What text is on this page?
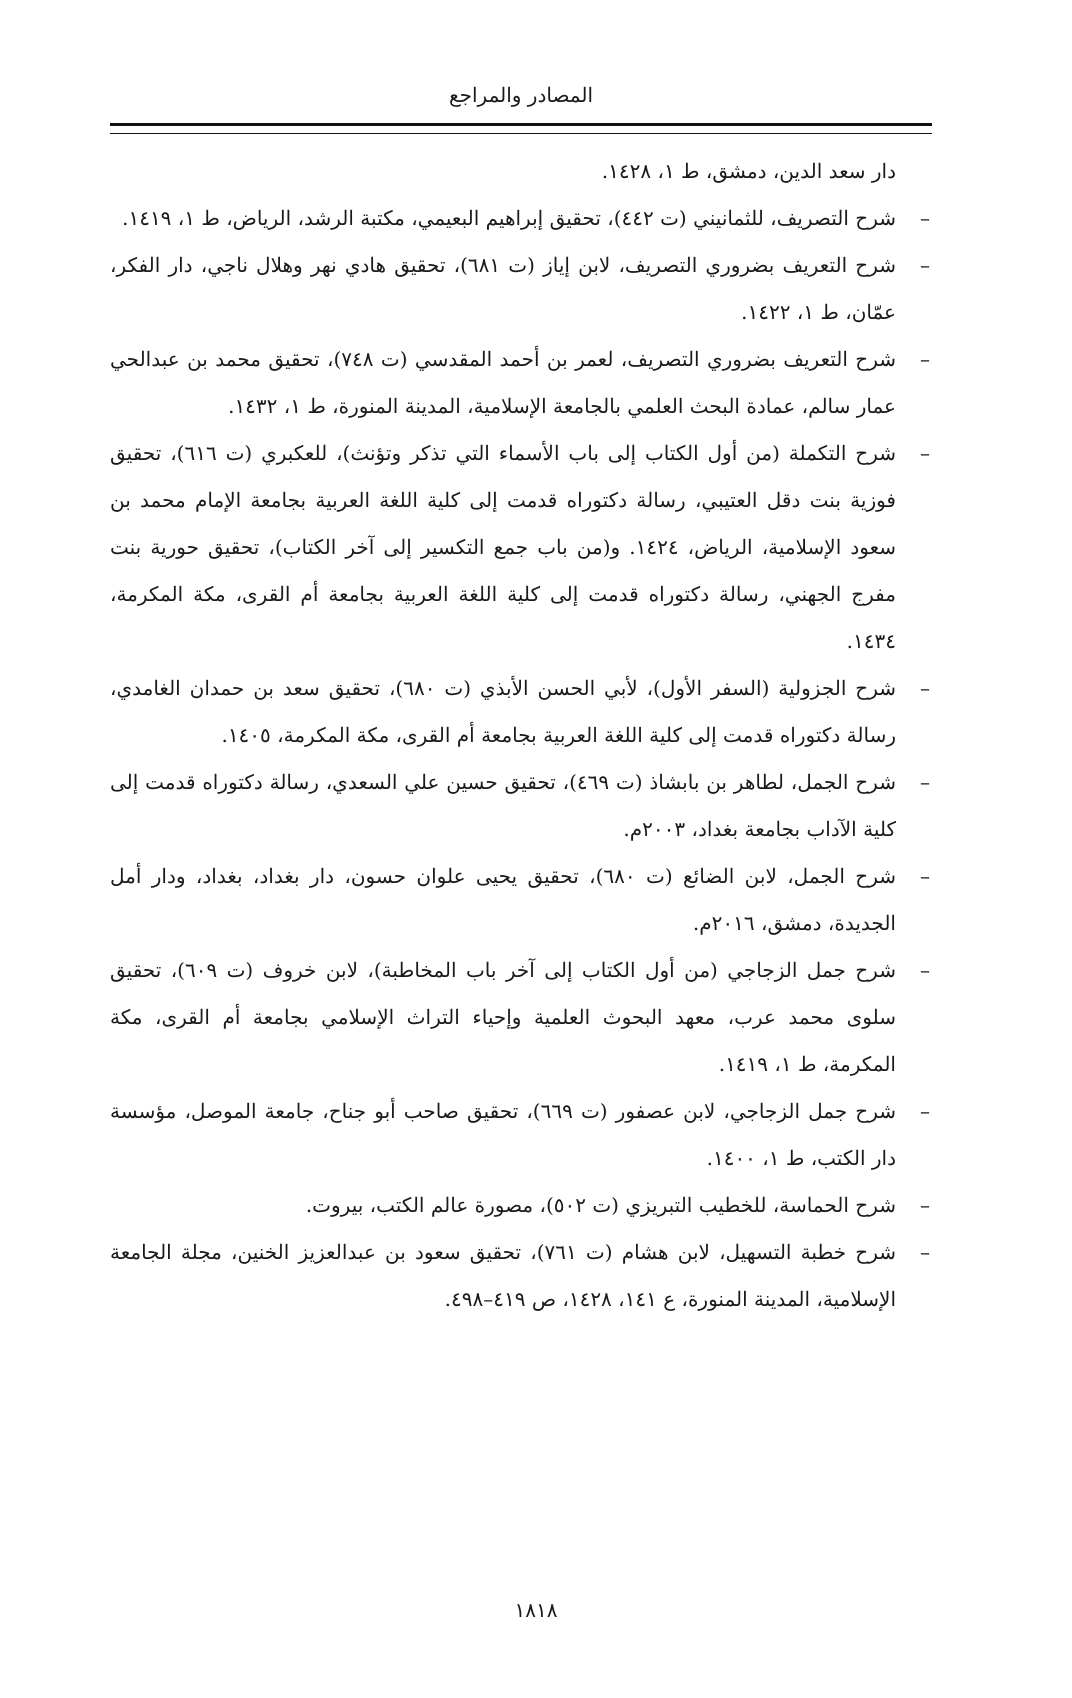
المصادر والمراجع

دار سعد الدين، دمشق، ط ١، ١٤٢٨.

–
شرح التصريف، للثمانيني (ت ٤٤٢)، تحقيق إبراهيم البعيمي، مكتبة الرشد، الرياض، ط ١، ١٤١٩.

–
شرح التعريف بضروري التصريف، لابن إياز (ت ٦٨١)، تحقيق هادي نهر وهلال ناجي، دار الفكر، عمّان، ط ١، ١٤٢٢.

–
شرح التعريف بضروري التصريف، لعمر بن أحمد المقدسي (ت ٧٤٨)، تحقيق محمد بن عبدالحي عمار سالم، عمادة البحث العلمي بالجامعة الإسلامية، المدينة المنورة، ط ١، ١٤٣٢.

–
شرح التكملة (من أول الكتاب إلى باب الأسماء التي تذكر وتؤنث)، للعكبري (ت ٦١٦)، تحقيق فوزية بنت دقل العتيبي، رسالة دكتوراه قدمت إلى كلية اللغة العربية بجامعة الإمام محمد بن سعود الإسلامية، الرياض، ١٤٢٤. و(من باب جمع التكسير إلى آخر الكتاب)، تحقيق حورية بنت مفرج الجهني، رسالة دكتوراه قدمت إلى كلية اللغة العربية بجامعة أم القرى، مكة المكرمة، ١٤٣٤.

–
شرح الجزولية (السفر الأول)، لأبي الحسن الأبذي (ت ٦٨٠)، تحقيق سعد بن حمدان الغامدي، رسالة دكتوراه قدمت إلى كلية اللغة العربية بجامعة أم القرى، مكة المكرمة، ١٤٠٥.

–
شرح الجمل، لطاهر بن بابشاذ (ت ٤٦٩)، تحقيق حسين علي السعدي، رسالة دكتوراه قدمت إلى كلية الآداب بجامعة بغداد، ٢٠٠٣م.

–
شرح الجمل، لابن الضائع (ت ٦٨٠)، تحقيق يحيى علوان حسون، دار بغداد، بغداد، ودار أمل الجديدة، دمشق، ٢٠١٦م.

–
شرح جمل الزجاجي (من أول الكتاب إلى آخر باب المخاطبة)، لابن خروف (ت ٦٠٩)، تحقيق سلوى محمد عرب، معهد البحوث العلمية وإحياء التراث الإسلامي بجامعة أم القرى، مكة المكرمة، ط ١، ١٤١٩.

–
شرح جمل الزجاجي، لابن عصفور (ت ٦٦٩)، تحقيق صاحب أبو جناح، جامعة الموصل، مؤسسة دار الكتب، ط ١، ١٤٠٠.

–
شرح الحماسة، للخطيب التبريزي (ت ٥٠٢)، مصورة عالم الكتب، بيروت.

–
شرح خطبة التسهيل، لابن هشام (ت ٧٦١)، تحقيق سعود بن عبدالعزيز الخنين، مجلة الجامعة الإسلامية، المدينة المنورة، ع ١٤١، ١٤٢٨، ص ٤١٩–٤٩٨.

١٨١٨
